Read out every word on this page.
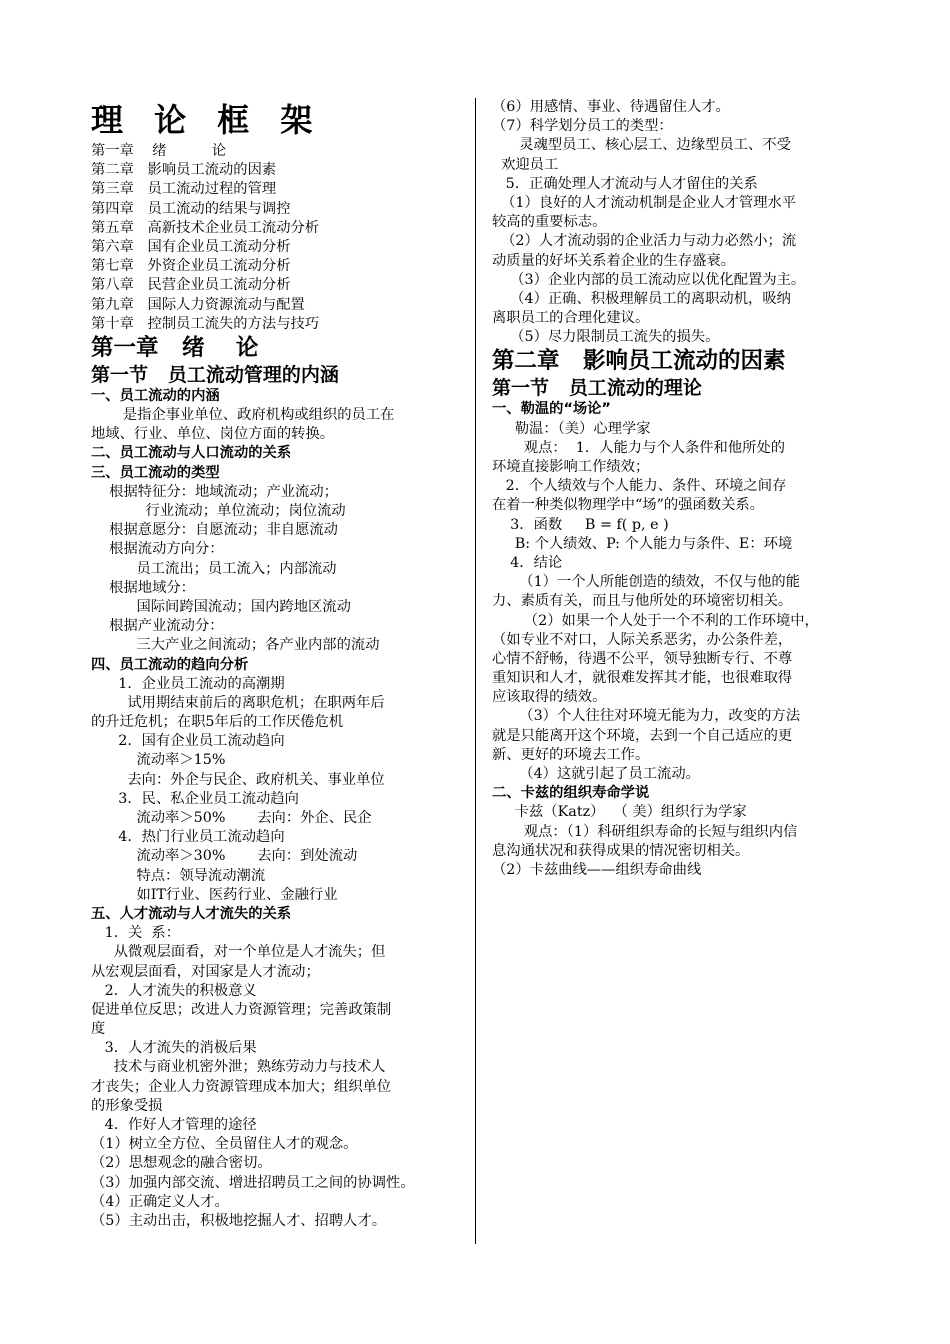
理 论 框 架
第一章    绪          论
第二章   影响员工流动的因素
第三章   员工流动过程的管理
第四章   员工流动的结果与调控
第五章   高新技术企业员工流动分析
第六章   国有企业员工流动分析
第七章   外资企业员工流动分析
第八章   民营企业员工流动分析
第九章   国际人力资源流动与配置
第十章   控制员工流失的方法与技巧
第一章   绪    论
第一节   员工流动管理的内涵
一、员工流动的内涵
是指企事业单位、政府机构或组织的员工在
地域、行业、单位、岗位方面的转换。
二、员工流动与人口流动的关系
三、员工流动的类型
根据特征分：地域流动；产业流动；
行业流动；单位流动；岗位流动
根据意愿分：自愿流动；非自愿流动
根据流动方向分：
员工流出；员工流入；内部流动
根据地域分：
国际间跨国流动；国内跨地区流动
根据产业流动分：
三大产业之间流动；各产业内部的流动
四、员工流动的趋向分析
1．企业员工流动的高潮期
试用期结束前后的离职危机；在职两年后
的升迁危机；在职5年后的工作厌倦危机
2．国有企业员工流动趋向
流动率＞15%
去向：外企与民企、政府机关、事业单位
3．民、私企业员工流动趋向
流动率＞50%       去向：外企、民企
4．热门行业员工流动趋向
流动率＞30%       去向：到处流动
特点：领导流动潮流
如IT行业、医药行业、金融行业
五、人才流动与人才流失的关系
1．关  系：
从微观层面看，对一个单位是人才流失；但
从宏观层面看，对国家是人才流动；
2．人才流失的积极意义
促进单位反思；改进人力资源管理；完善政策制
度
3．人才流失的消极后果
技术与商业机密外泄；熟练劳动力与技术人
才丧失；企业人力资源管理成本加大；组织单位
的形象受损
4．作好人才管理的途径
（1）树立全方位、全员留住人才的观念。
（2）思想观念的融合密切。
（3）加强内部交流、增进招聘员工之间的协调性。
（4）正确定义人才。
（5）主动出击，积极地挖掘人才、招聘人才。
（6）用感情、事业、待遇留住人才。
（7）科学划分员工的类型：
灵魂型员工、核心层工、边缘型员工、不受
欢迎员工
5．正确处理人才流动与人才留住的关系
（1）良好的人才流动机制是企业人才管理水平
较高的重要标志。
（2）人才流动弱的企业活力与动力必然小；流
动质量的好坏关系着企业的生存盛衰。
（3）企业内部的员工流动应以优化配置为主。
（4）正确、积极理解员工的离职动机，吸纳
离职员工的合理化建议。
（5）尽力限制员工流失的损失。
第二章   影响员工流动的因素
第一节   员工流动的理论
一、勒温的“场论”
勒温：（美）心理学家
观点：  1．人能力与个人条件和他所处的
环境直接影响工作绩效；
2．个人绩效与个人能力、条件、环境之间存
在着一种类似物理学中“场”的强函数关系。
3．函数     B = f( p, e )
B: 个人绩效、P: 个人能力与条件、E：环境
4．结论
（1）一个人所能创造的绩效，不仅与他的能
力、素质有关，而且与他所处的环境密切相关。
（2）如果一个人处于一个不利的工作环境中，
（如专业不对口，人际关系恶劣，办公条件差，
心情不舒畅，待遇不公平，领导独断专行、不尊
重知识和人才，就很难发挥其才能，也很难取得
应该取得的绩效。
（3）个人往往对环境无能为力，改变的方法
就是只能离开这个环境，去到一个自己适应的更
新、更好的环境去工作。
（4）这就引起了员工流动。
二、卡兹的组织寿命学说
卡兹（Katz）  （ 美）组织行为学家
观点：（1）科研组织寿命的长短与组织内信
息沟通状况和获得成果的情况密切相关。
（2）卡兹曲线——组织寿命曲线
